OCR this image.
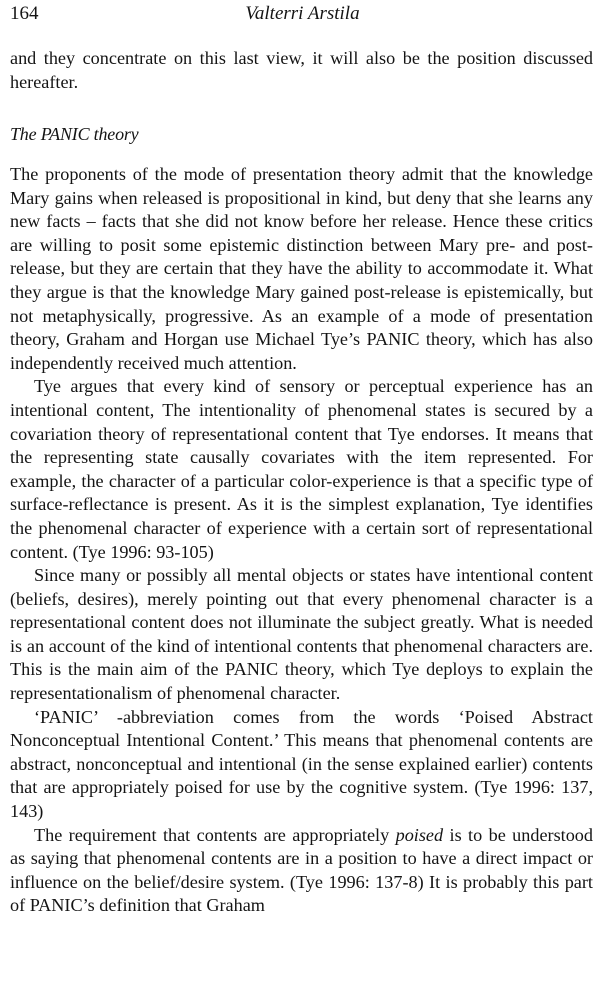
164	Valterri Arstila

and they concentrate on this last view, it will also be the position discussed hereafter.

The PANIC theory

The proponents of the mode of presentation theory admit that the knowledge Mary gains when released is propositional in kind, but deny that she learns any new facts – facts that she did not know before her release. Hence these critics are willing to posit some epistemic distinction between Mary pre- and post-release, but they are certain that they have the ability to accommodate it. What they argue is that the knowledge Mary gained post-release is epistemically, but not metaphysically, progressive. As an example of a mode of presentation theory, Graham and Horgan use Michael Tye’s PANIC theory, which has also independently received much attention.

Tye argues that every kind of sensory or perceptual experience has an intentional content, The intentionality of phenomenal states is secured by a covariation theory of representational content that Tye endorses. It means that the representing state causally covariates with the item represented. For example, the character of a particular color-experience is that a specific type of surface-reflectance is present. As it is the simplest explanation, Tye identifies the phenomenal character of experience with a certain sort of representational content. (Tye 1996: 93-105)

Since many or possibly all mental objects or states have intentional content (beliefs, desires), merely pointing out that every phenomenal character is a representational content does not illuminate the subject greatly. What is needed is an account of the kind of intentional contents that phenomenal characters are. This is the main aim of the PANIC theory, which Tye deploys to explain the representationalism of phenomenal character.

‘PANIC’ -abbreviation comes from the words ‘Poised Abstract Nonconceptual Intentional Content.’ This means that phenomenal contents are abstract, nonconceptual and intentional (in the sense explained earlier) contents that are appropriately poised for use by the cognitive system. (Tye 1996: 137, 143)

The requirement that contents are appropriately poised is to be understood as saying that phenomenal contents are in a position to have a direct impact or influence on the belief/desire system. (Tye 1996: 137-8) It is probably this part of PANIC’s definition that Graham
